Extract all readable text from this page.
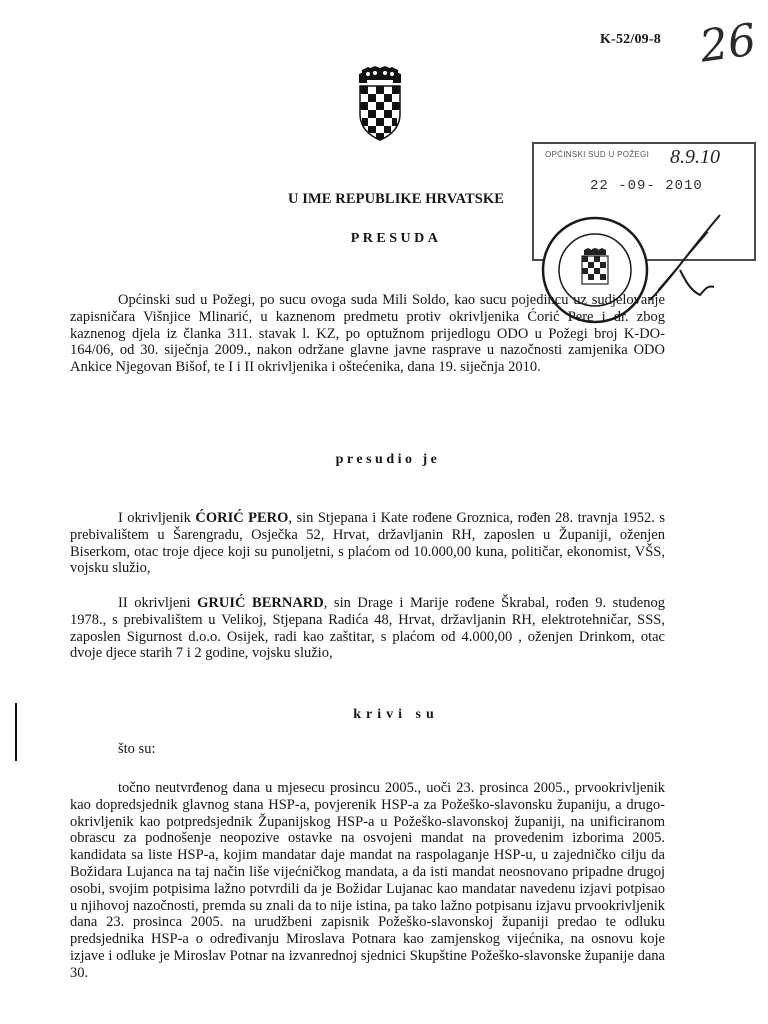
K-52/09-8 26
OPĆINSKI SUD U POŽEGI
22 -09- 2010
8.9.10
U IME REPUBLIKE HRVATSKE
PRESUDA
Općinski sud u Požegi, po sucu ovoga suda Mili Soldo, kao sucu pojedincu uz sudjelovanje zapisničara Višnjice Mlinarić, u kaznenom predmetu protiv okrivljenika Ćorić Pere i dr. zbog kaznenog djela iz članka 311. stavak l. KZ, po optužnom prijedlogu ODO u Požegi broj K-DO-164/06, od 30. siječnja 2009., nakon održane glavne javne rasprave u nazočnosti zamjenika ODO Ankice Njegovan Bišof, te I i II okrivljenika i oštećenika, dana 19. siječnja 2010.
presudio je
I okrivljenik ĆORIĆ PERO, sin Stjepana i Kate rođene Groznica, rođen 28. travnja 1952. s prebivalištem u Šarengradu, Osječka 52, Hrvat, državljanin RH, zaposlen u Županiji, oženjen Biserkom, otac troje djece koji su punoljetni, s plaćom od 10.000,00 kuna, političar, ekonomist, VŠS, vojsku služio,
II okrivljeni GRUIĆ BERNARD, sin Drage i Marije rođene Škrabal, rođen 9. studenog 1978., s prebivalištem u Velikoj, Stjepana Radića 48, Hrvat, državljanin RH, elektrotehničar, SSS, zaposlen Sigurnost d.o.o. Osijek, radi kao zaštitar, s plaćom od 4.000,00 , oženjen Drinkom, otac dvoje djece starih 7 i 2 godine, vojsku služio,
krivi su
što su:
točno neutvrđenog dana u mjesecu prosincu 2005., uoči 23. prosinca 2005., prvookrivljenik kao dopredsjednik glavnog stana HSP-a, povjerenik HSP-a za Požeško-slavonsku županiju, a drugo-okrivljenik kao potpredsjednik Županijskog HSP-a u Požeško-slavonskoj županiji, na unificiranom obrascu za podnošenje neopozive ostavke na osvojeni mandat na provedenim izborima 2005. kandidata sa liste HSP-a, kojim mandatar daje mandat na raspolaganje HSP-u, u zajedničko cilju da Božidara Lujanca na taj način liše vijećničkog mandata, a da isti mandat neosnovano pripadne drugoj osobi, svojim potpisima lažno potvrdili da je Božidar Lujanac kao mandatar navedenu izjavi potpisao u njihovoj nazočnosti, premda su znali da to nije istina, pa tako lažno potpisanu izjavu prvookrivljenik dana 23. prosinca 2005. na urudžbeni zapisnik Požeško-slavonskoj županiji predao te odluku predsjednika HSP-a o određivanju Miroslava Potnara kao zamjenskog vijećnika, na osnovu koje izjave i odluke je Miroslav Potnar na izvanrednoj sjednici Skupštine Požeško-slavonske županije dana 30.
